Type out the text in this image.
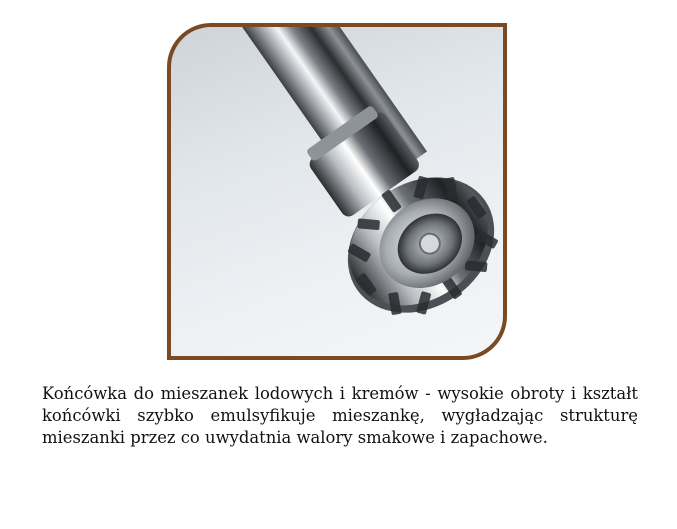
Końcówka do mieszanek lodowych i kremów - wysokie obroty i kształt końcówki szybko emulsyfikuje mieszankę, wygładzając strukturę mieszanki przez co uwydatnia walory smakowe i zapachowe.
